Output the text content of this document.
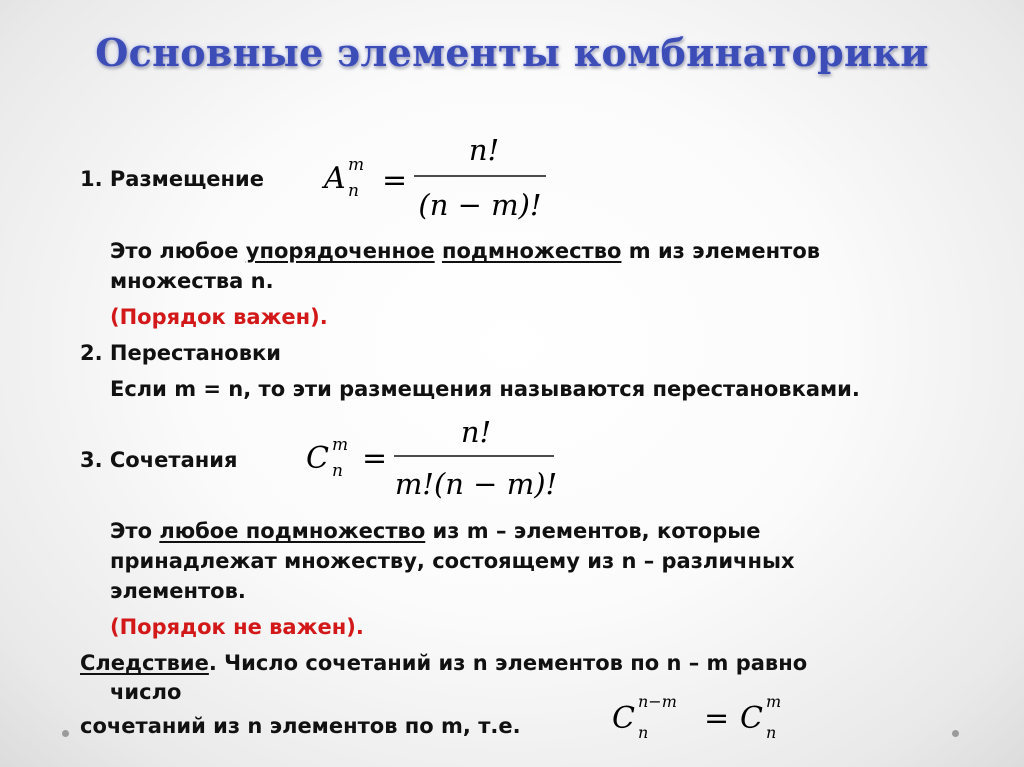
Основные элементы комбинаторики
1. Размещение A m
n =
n!
(n − m)!
Это любое упорядоченное подмножество m из элементов
множества n.
(Порядок важен).
2. Перестановки
Если m = n, то эти размещения называются перестановками.
3. Сочетания C m
n =
n!
m!(n − m)!
Это любое подмножество из m – элементов, которые
принадлежат множеству, состоящему из n – различных
элементов.
(Порядок не важен).
Следствие. Число сочетаний из n элементов по n – m равно
число
сочетаний из n элементов по m, т.е.	C n−m
n = C m
n
